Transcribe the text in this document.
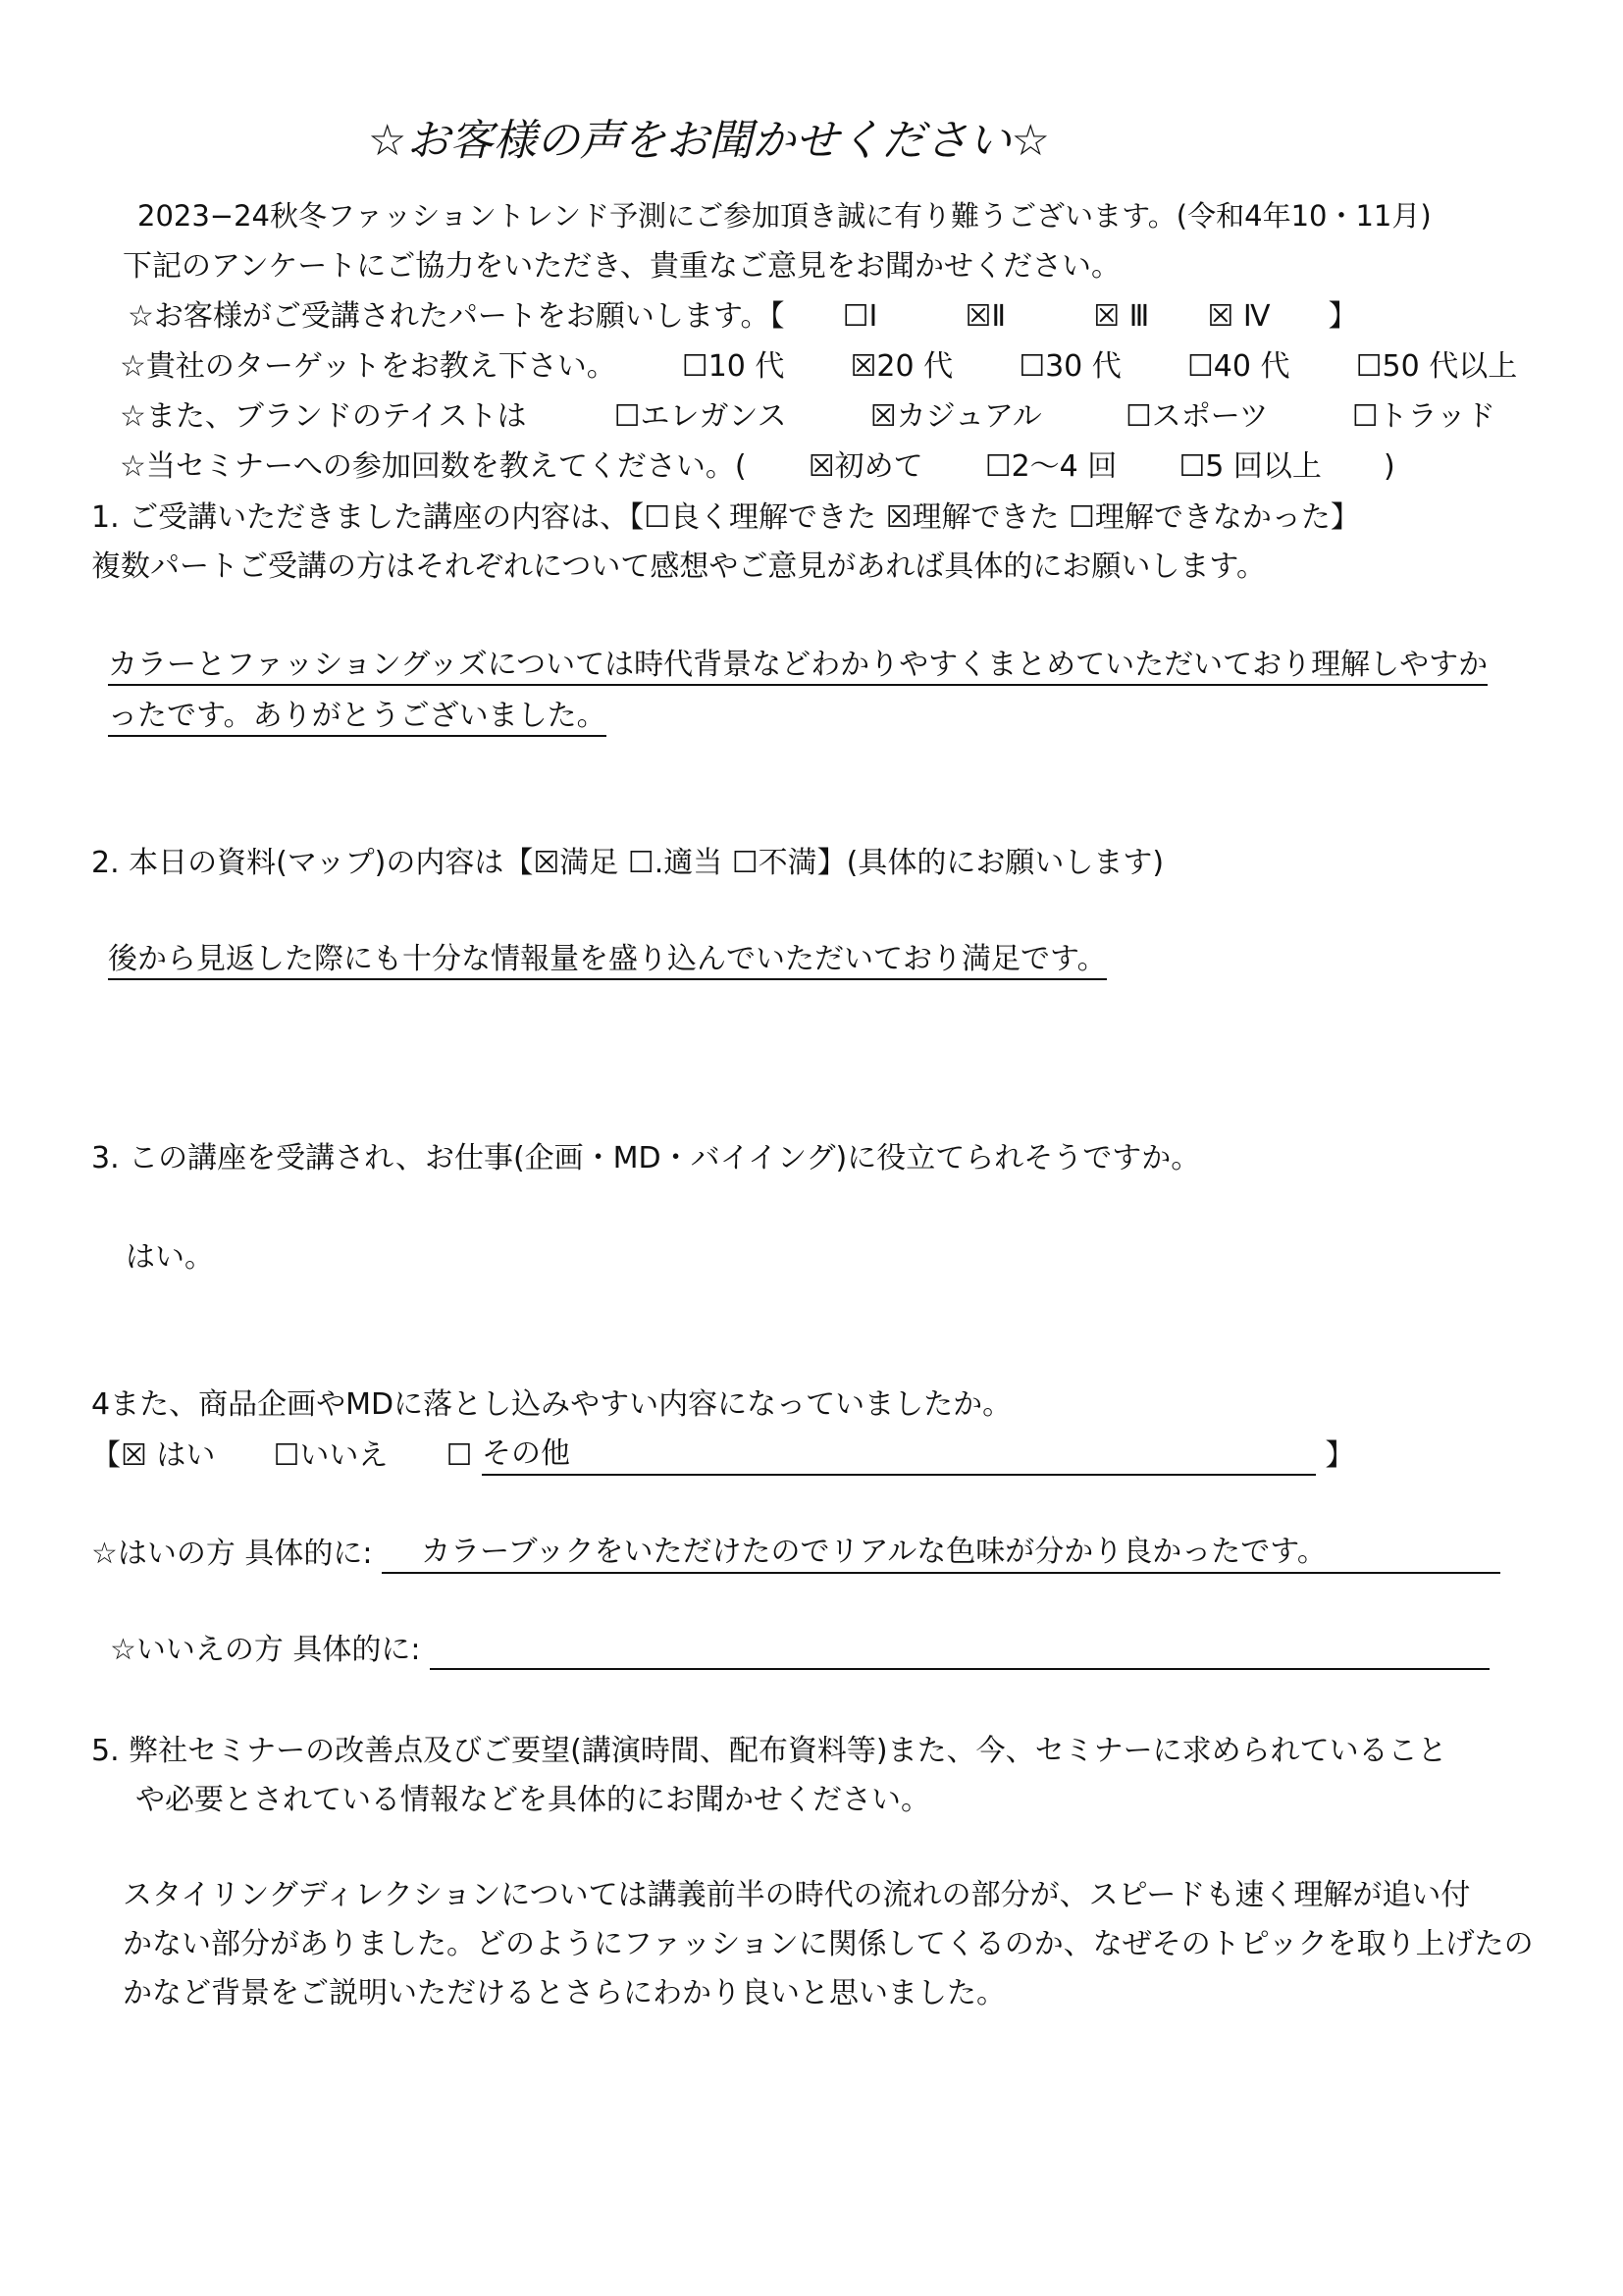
☆お客様の声をお聞かせください☆
2023−24秋冬ファッショントレンド予測にご参加頂き誠に有り難うございます。(令和4年10・11月)
下記のアンケートにご協力をいただき、貴重なご意見をお聞かせください。
☆お客様がご受講されたパートをお願いします。【 ☐I	☒Ⅱ	☒ Ⅲ ☒ Ⅳ 】
☆貴社のターゲットをお教え下さい。 ☐10 代 ☒20 代 ☐30 代 ☐40 代 ☐50 代以上
☆また、ブランドのテイストは	☐エレガンス	☒カジュアル	☐スポーツ	☐トラッド
☆当セミナーへの参加回数を教えてください。( ☒初めて ☐2〜4 回 ☐5 回以上 )
1. ご受講いただきました講座の内容は、【☐良く理解できた ☒理解できた ☐理解できなかった】
複数パートご受講の方はそれぞれについて感想やご意見があれば具体的にお願いします。
カラーとファッショングッズについては時代背景などわかりやすくまとめていただいており理解しやすか
ったです。ありがとうございました。
2. 本日の資料(マップ)の内容は【☒満足 ☐.適当 ☐不満】(具体的にお願いします)
後から見返した際にも十分な情報量を盛り込んでいただいており満足です。
3. この講座を受講され、お仕事(企画・MD・バイイング)に役立てられそうですか。
はい。
4また、商品企画やMDに落とし込みやすい内容になっていましたか。
【☒ はい ☐いいえ ☐ その他	】
☆はいの方 具体的に: カラーブックをいただけたのでリアルな色味が分かり良かったです。
☆いいえの方 具体的に:
5. 弊社セミナーの改善点及びご要望(講演時間、配布資料等)また、今、セミナーに求められていること
や必要とされている情報などを具体的にお聞かせください。
スタイリングディレクションについては講義前半の時代の流れの部分が、スピードも速く理解が追い付
かない部分がありました。どのようにファッションに関係してくるのか、なぜそのトピックを取り上げたの
かなど背景をご説明いただけるとさらにわかり良いと思いました。
